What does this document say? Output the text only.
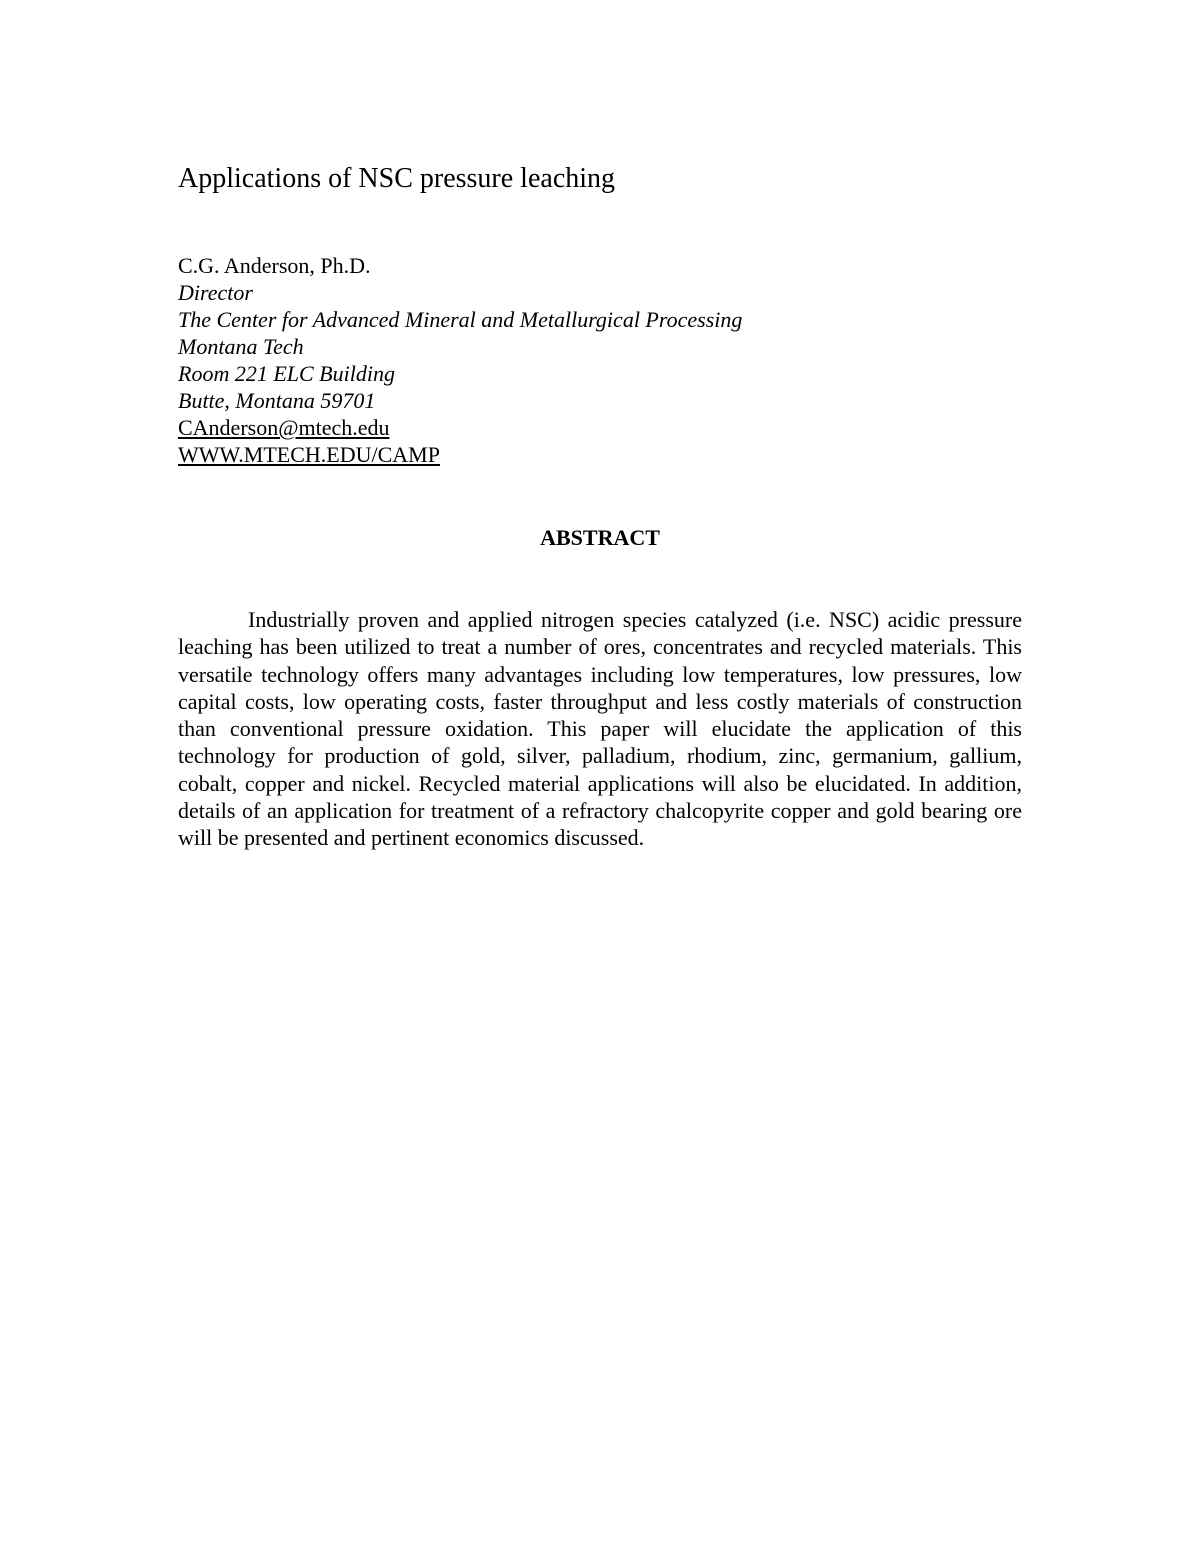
Applications of NSC pressure leaching
C.G. Anderson, Ph.D.
Director
The Center for Advanced Mineral and Metallurgical Processing
Montana Tech
Room 221 ELC Building
Butte, Montana 59701
CAnderson@mtech.edu
WWW.MTECH.EDU/CAMP
ABSTRACT

Industrially proven and applied nitrogen species catalyzed (i.e. NSC) acidic pressure leaching has been utilized to treat a number of ores, concentrates and recycled materials. This versatile technology offers many advantages including low temperatures, low pressures, low capital costs, low operating costs, faster throughput and less costly materials of construction than conventional pressure oxidation. This paper will elucidate the application of this technology for production of gold, silver, palladium, rhodium, zinc, germanium, gallium, cobalt, copper and nickel. Recycled material applications will also be elucidated. In addition, details of an application for treatment of a refractory chalcopyrite copper and gold bearing ore will be presented and pertinent economics discussed.
